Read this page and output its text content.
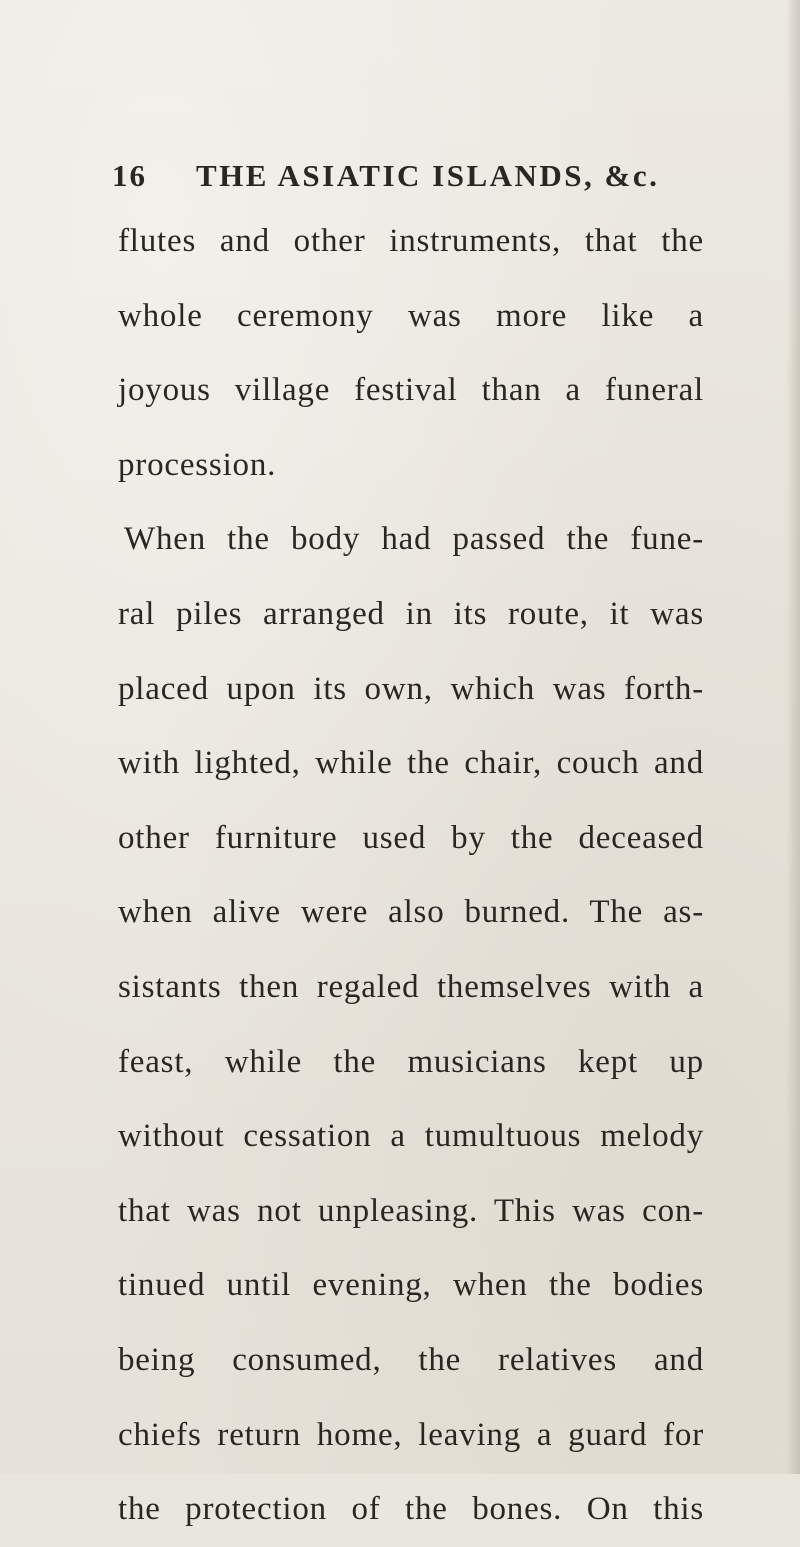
16 THE ASIATIC ISLANDS, &c.
flutes and other instruments, that the
whole ceremony was more like a
joyous village festival than a funeral
procession.
When the body had passed the fune-
ral piles arranged in its route, it was
placed upon its own, which was forth-
with lighted, while the chair, couch and
other furniture used by the deceased
when alive were also burned. The as-
sistants then regaled themselves with a
feast, while the musicians kept up
without cessation a tumultuous melody
that was not unpleasing. This was con-
tinued until evening, when the bodies
being consumed, the relatives and
chiefs return home, leaving a guard for
the protection of the bones. On this
